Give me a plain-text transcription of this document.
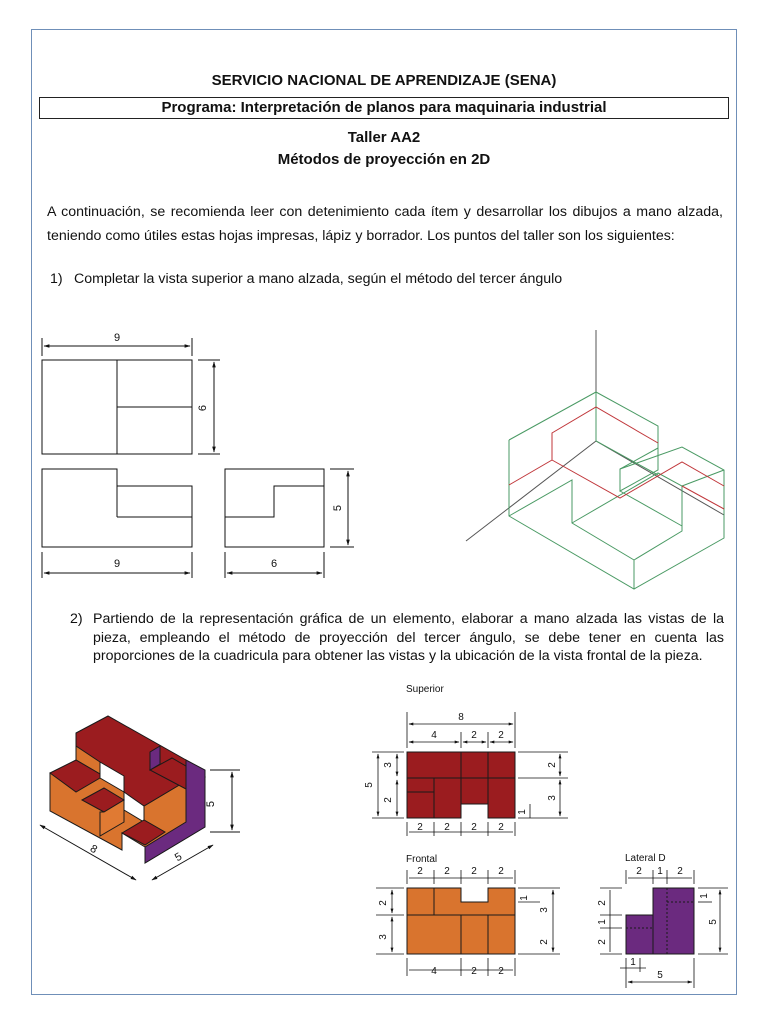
SERVICIO NACIONAL DE APRENDIZAJE (SENA)
Programa: Interpretación de planos para maquinaria industrial
Taller AA2
Métodos de proyección en 2D
A continuación, se recomienda leer con detenimiento cada ítem y desarrollar los dibujos a mano alzada, teniendo como útiles estas hojas impresas, lápiz y borrador. Los puntos del taller son los siguientes:
1) Completar la vista superior a mano alzada, según el método del tercer ángulo
2) Partiendo de la representación gráfica de un elemento, elaborar a mano alzada las vistas de la pieza, empleando el método de proyección del tercer ángulo, se debe tener en cuenta las proporciones de la cuadricula para obtener las vistas y la ubicación de la vista frontal de la pieza.
9
6
9	6
5
5
8
5
Superior
8
4	2 2
5
3
2
2
3
1
2 2 2 2
Frontal
2 2 2 2
2
3
1
3
2
4	2 2
Lateral D
2 1 2
2
1
2
1
5
1
5
